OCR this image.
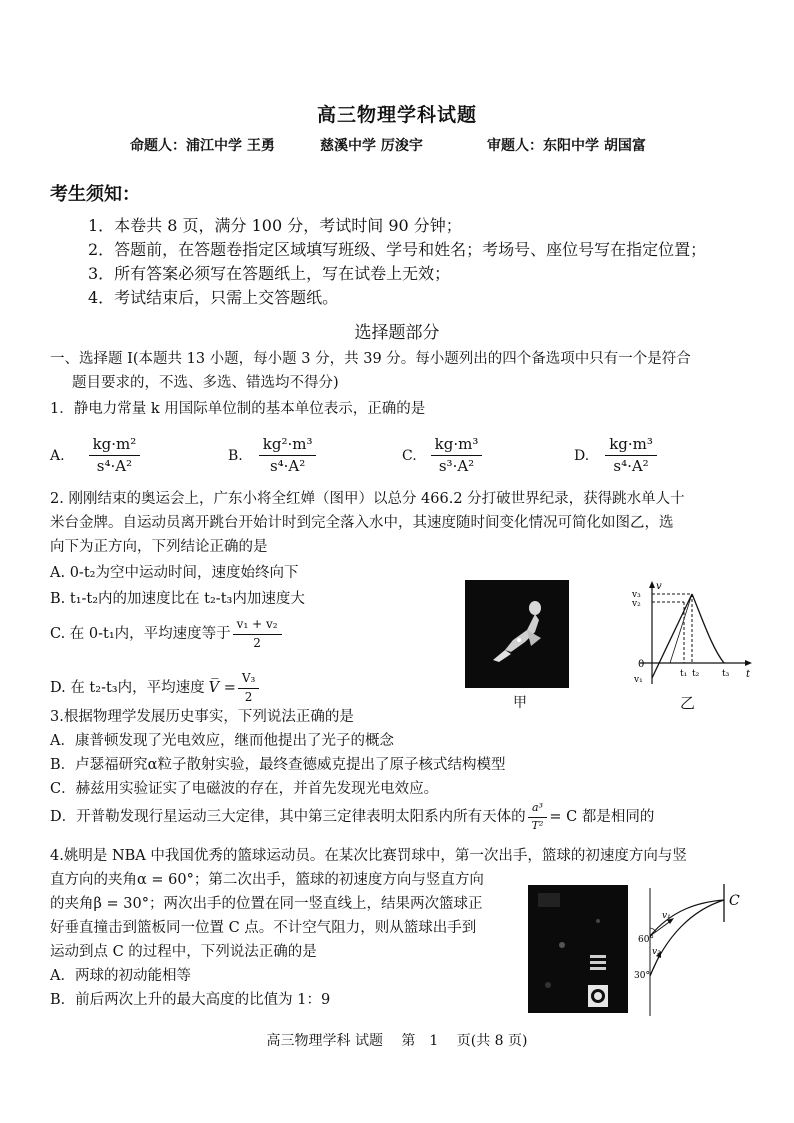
高三物理学科试题
命题人：浦江中学 王勇	慈溪中学 厉浚宇	审题人：东阳中学 胡国富
考生须知：
1．本卷共 8 页，满分 100 分，考试时间 90 分钟；
2．答题前，在答题卷指定区域填写班级、学号和姓名；考场号、座位号写在指定位置；
3．所有答案必须写在答题纸上，写在试卷上无效；
4．考试结束后，只需上交答题纸。
选择题部分
一、选择题 I(本题共 13 小题，每小题 3 分，共 39 分。每小题列出的四个备选项中只有一个是符合
题目要求的，不选、多选、错选均不得分)
1．静电力常量 k 用国际单位制的基本单位表示，正确的是
A. $\frac{\text{kg·m²}}{\text{s⁴·A²}}$	B. $\frac{\text{kg²·m³}}{\text{s⁴·A²}}$	C. $\frac{\text{kg·m³}}{\text{s³·A²}}$	D. $\frac{\text{kg·m³}}{\text{s⁴·A²}}$
2. 刚刚结束的奥运会上，广东小将全红婵（图甲）以总分 466.2 分打破世界纪录，获得跳水单人十
米台金牌。自运动员离开跳台开始计时到完全落入水中，其速度随时间变化情况可简化如图乙，选
向下为正方向，下列结论正确的是
A. 0-t₂为空中运动时间，速度始终向下
B. t₁-t₂内的加速度比在 t₂-t₃内加速度大
C. 在 0-t₁内，平均速度等于 $\frac{\text{v₁ + v₂}}{2}$
D. 在 t₂-t₃内，平均速度 V̅ = $\frac{\text{V₃}}{2}$	甲
v
v₃
v₂
0
v₁
t₁ t₂	t₃ t
乙
3.根据物理学发展历史事实，下列说法正确的是
A．康普顿发现了光电效应，继而他提出了光子的概念
B．卢瑟福研究α粒子散射实验，最终查德威克提出了原子核式结构模型
C．赫兹用实验证实了电磁波的存在，并首先发现光电效应。
D．开普勒发现行星运动三大定律，其中第三定律表明太阳系内所有天体的 $\frac{\text{a³}}{\text{T²}} = C$ 都是相同的
4.姚明是 NBA 中我国优秀的篮球运动员。在某次比赛罚球中，第一次出手，篮球的初速度方向与竖
直方向的夹角α = 60°；第二次出手，篮球的初速度方向与竖直方向
的夹角β = 30°；两次出手的位置在同一竖直线上，结果两次篮球正
好垂直撞击到篮板同一位置 C 点。不计空气阻力，则从篮球出手到
运动到点 C 的过程中，下列说法正确的是
A．两球的初动能相等
B．前后两次上升的最大高度的比值为 1：9
C
v₁
v₂
60°
30°
高三物理学科 试题　 第　1　 页(共 8 页)
